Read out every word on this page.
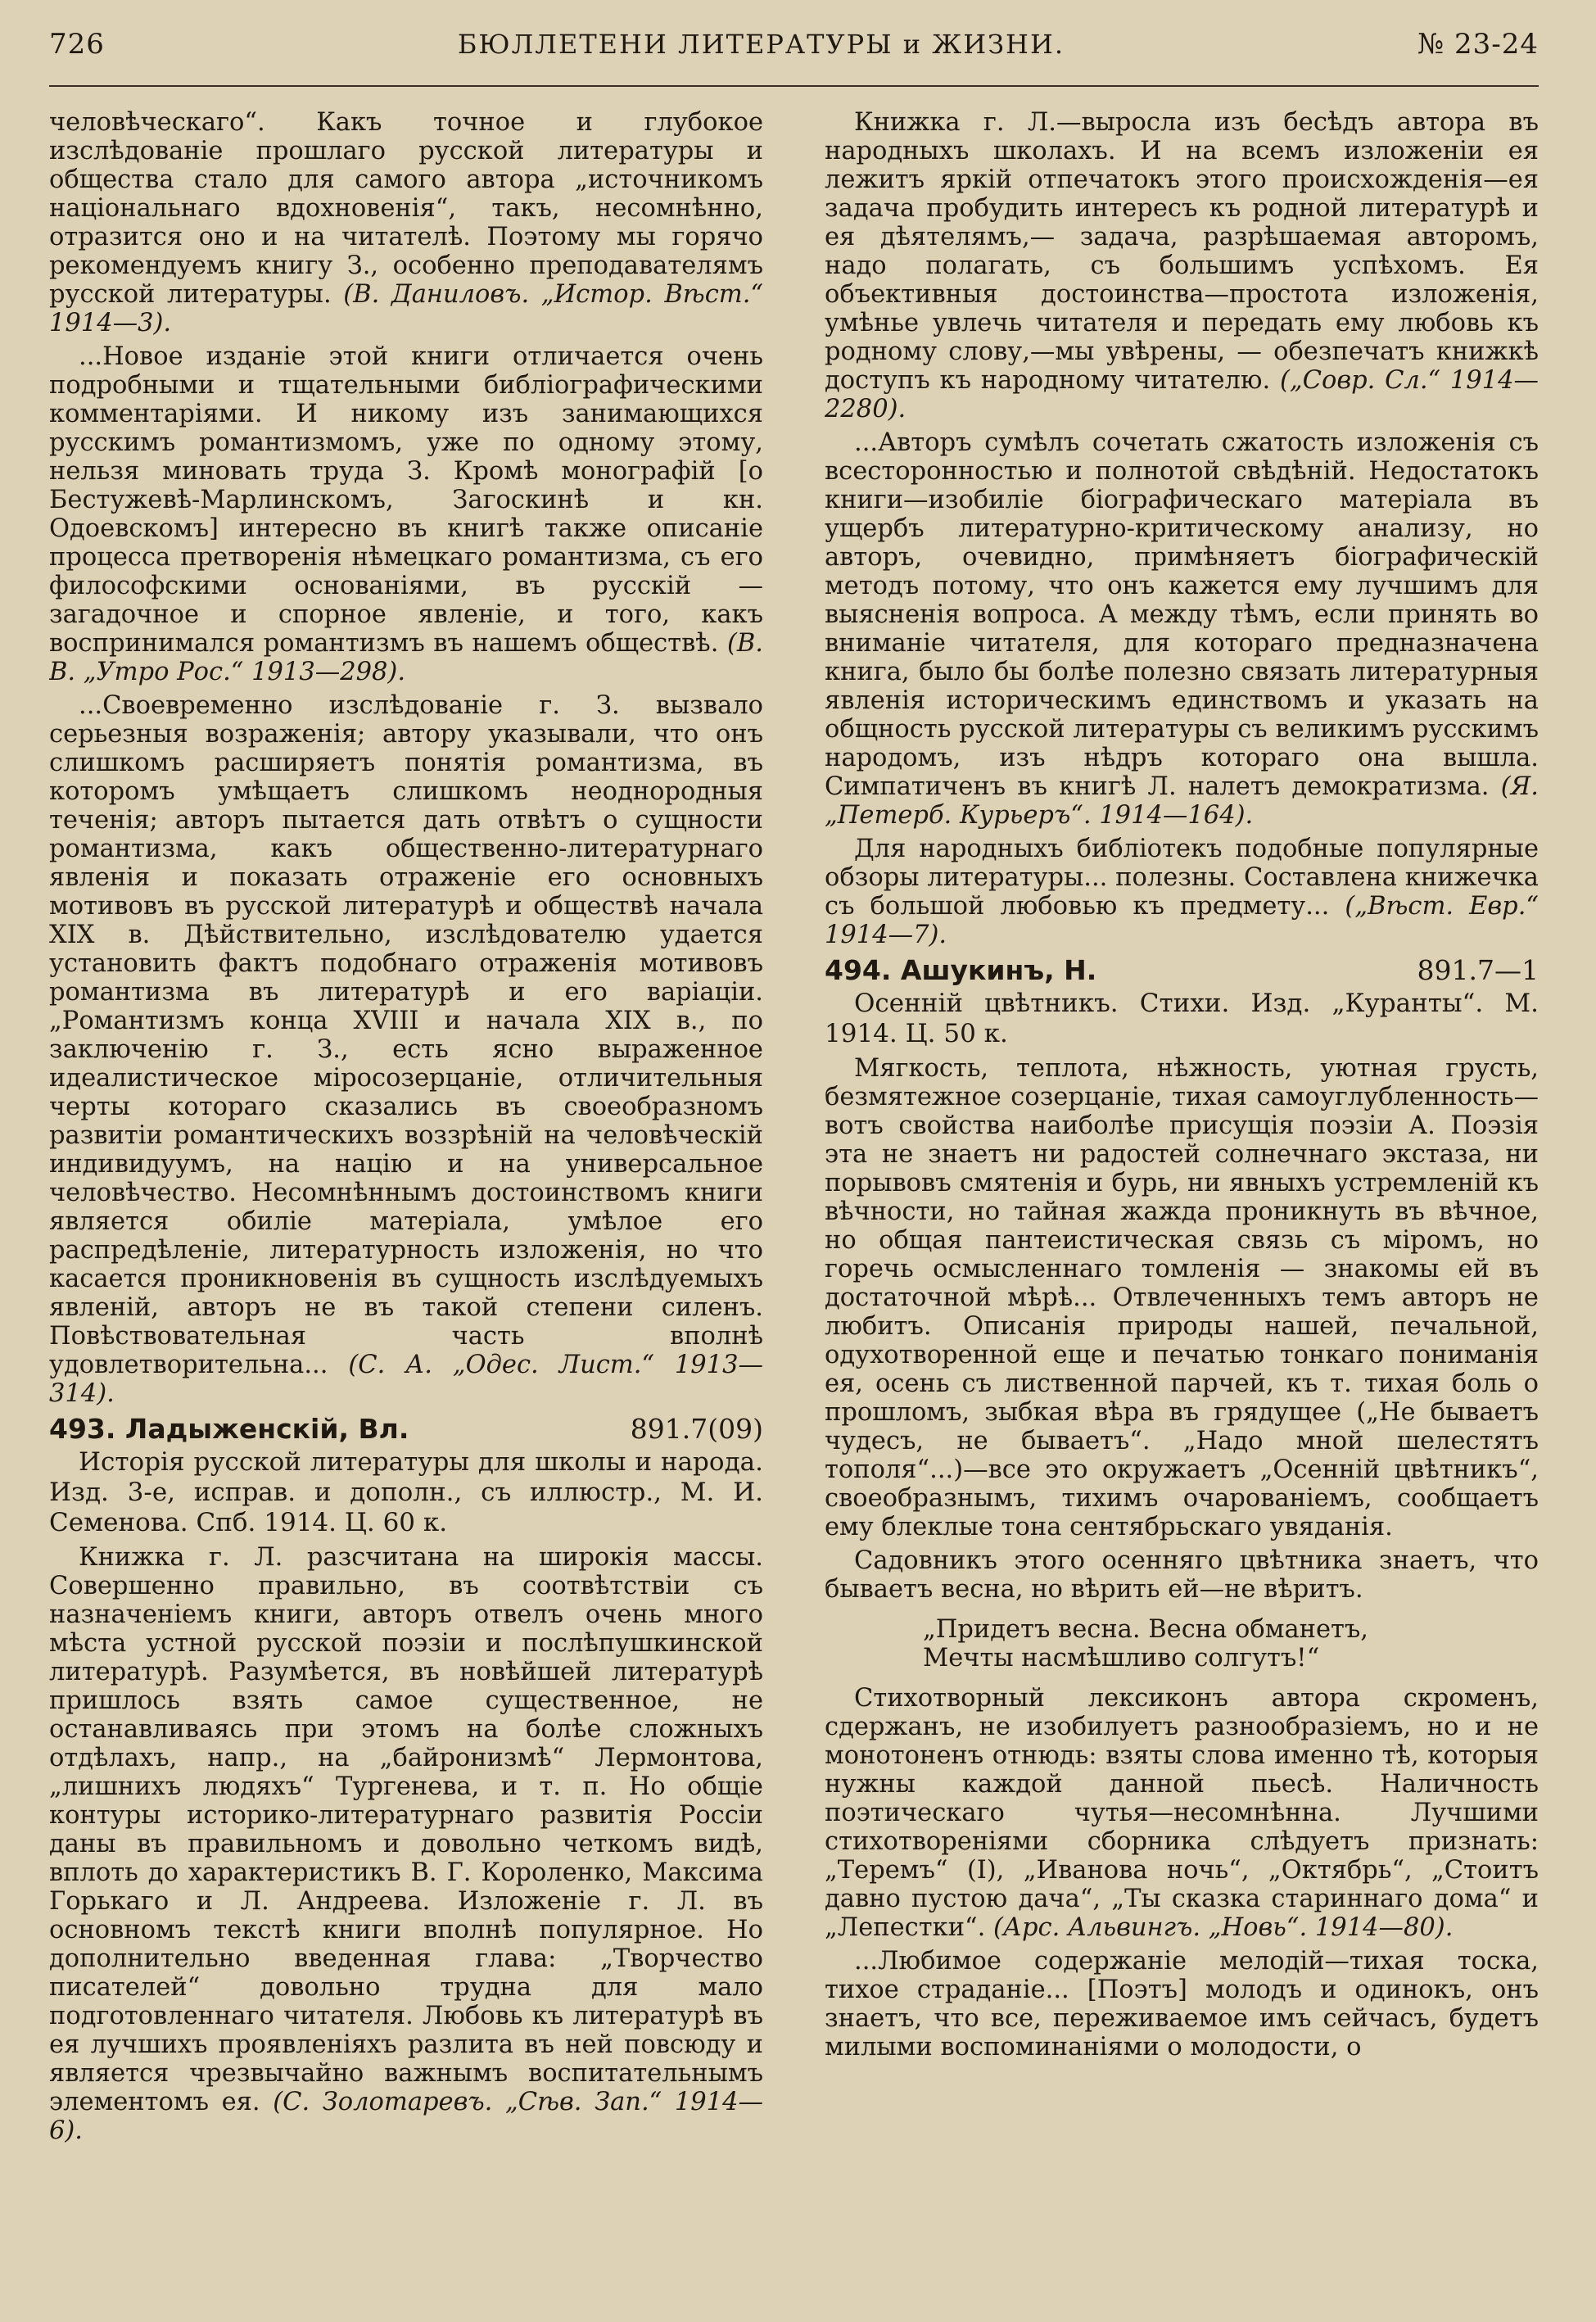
726	БЮЛЛЕТЕНИ ЛИТЕРАТУРЫ и ЖИЗНИ.	№ 23-24

человѣческаго“. Какъ точное и глубокое изслѣдованіе прошлаго русской литературы и общества стало для самого автора „источникомъ національнаго вдохновенія“, такъ, несомнѣнно, отразится оно и на читателѣ. Поэтому мы горячо рекомендуемъ книгу З., особенно преподавателямъ русской литературы. (В. Даниловъ. „Истор. Вѣст.“ 1914—3).

...Новое изданіе этой книги отличается очень подробными и тщательными библіографическими комментаріями. И никому изъ занимающихся русскимъ романтизмомъ, уже по одному этому, нельзя миновать труда З. Кромѣ монографій [о Бестужевѣ-Марлинскомъ, Загоскинѣ и кн. Одоевскомъ] интересно въ книгѣ также описаніе процесса претворенія нѣмецкаго романтизма, съ его философскими основаніями, въ русскій — загадочное и спорное явленіе, и того, какъ воспринимался романтизмъ въ нашемъ обществѣ. (В. В. „Утро Рос.“ 1913—298).

...Своевременно изслѣдованіе г. З. вызвало серьезныя возраженія; автору указывали, что онъ слишкомъ расширяетъ понятія романтизма, въ которомъ умѣщаетъ слишкомъ неоднородныя теченія; авторъ пытается дать отвѣтъ о сущности романтизма, какъ общественно-литературнаго явленія и показать отраженіе его основныхъ мотивовъ въ русской литературѣ и обществѣ начала XIX в. Дѣйствительно, изслѣдователю удается установить фактъ подобнаго отраженія мотивовъ романтизма въ литературѣ и его варіаціи. „Романтизмъ конца XVIII и начала XIX в., по заключенію г. З., есть ясно выраженное идеалистическое міросозерцаніе, отличительныя черты котораго сказались въ своеобразномъ развитіи романтическихъ воззрѣній на человѣческій индивидуумъ, на націю и на универсальное человѣчество. Несомнѣннымъ достоинствомъ книги является обиліе матеріала, умѣлое его распредѣленіе, литературность изложенія, но что касается проникновенія въ сущность изслѣдуемыхъ явленій, авторъ не въ такой степени силенъ. Повѣствовательная часть вполнѣ удовлетворительна... (С. А. „Одес. Лист.“ 1913—314).

493. Ладыженскій, Вл.	891.7(09)

Исторія русской литературы для школы и народа. Изд. 3-е, исправ. и дополн., съ иллюстр., М. И. Семенова. Спб. 1914. Ц. 60 к.

Книжка г. Л. разсчитана на широкія массы. Совершенно правильно, въ соотвѣтствіи съ назначеніемъ книги, авторъ отвелъ очень много мѣста устной русской поэзіи и послѣпушкинской литературѣ. Разумѣется, въ новѣйшей литературѣ пришлось взять самое существенное, не останавливаясь при этомъ на болѣе сложныхъ отдѣлахъ, напр., на „байронизмѣ“ Лермонтова, „лишнихъ людяхъ“ Тургенева, и т. п. Но общіе контуры историко-литературнаго развитія Россіи даны въ правильномъ и довольно четкомъ видѣ, вплоть до характеристикъ В. Г. Короленко, Максима Горькаго и Л. Андреева. Изложеніе г. Л. въ основномъ текстѣ книги вполнѣ популярное. Но дополнительно введенная глава: „Творчество писателей“ довольно трудна для мало подготовленнаго читателя. Любовь къ литературѣ въ ея лучшихъ проявленіяхъ разлита въ ней повсюду и является чрезвычайно важнымъ воспитательнымъ элементомъ ея. (С. Золотаревъ. „Сѣв. Зап.“ 1914—6).

Книжка г. Л.—выросла изъ бесѣдъ автора въ народныхъ школахъ. И на всемъ изложеніи ея лежитъ яркій отпечатокъ этого происхожденія—ея задача пробудить интересъ къ родной литературѣ и ея дѣятелямъ,— задача, разрѣшаемая авторомъ, надо полагать, съ большимъ успѣхомъ. Ея объективныя достоинства—простота изложенія, умѣнье увлечь читателя и передать ему любовь къ родному слову,—мы увѣрены, — обезпечатъ книжкѣ доступъ къ народному читателю. („Совр. Сл.“ 1914—2280).

...Авторъ сумѣлъ сочетать сжатость изложенія съ всесторонностью и полнотой свѣдѣній. Недостатокъ книги—изобиліе біографическаго матеріала въ ущербъ литературно-критическому анализу, но авторъ, очевидно, примѣняетъ біографическій методъ потому, что онъ кажется ему лучшимъ для выясненія вопроса. А между тѣмъ, если принять во вниманіе читателя, для котораго предназначена книга, было бы болѣе полезно связать литературныя явленія историческимъ единствомъ и указать на общность русской литературы съ великимъ русскимъ народомъ, изъ нѣдръ котораго она вышла. Симпатиченъ въ книгѣ Л. налетъ демократизма. (Я. „Петерб. Курьеръ“. 1914—164).

Для народныхъ библіотекъ подобные популярные обзоры литературы... полезны. Составлена книжечка съ большой любовью къ предмету... („Вѣст. Евр.“ 1914—7).

494. Ашукинъ, Н.	891.7—1

Осенній цвѣтникъ. Стихи. Изд. „Куранты“. М. 1914. Ц. 50 к.

Мягкость, теплота, нѣжность, уютная грусть, безмятежное созерцаніе, тихая самоуглубленность—вотъ свойства наиболѣе присущія поэзіи А. Поэзія эта не знаетъ ни радостей солнечнаго экстаза, ни порывовъ смятенія и бурь, ни явныхъ устремленій къ вѣчности, но тайная жажда проникнуть въ вѣчное, но общая пантеистическая связь съ міромъ, но горечь осмысленнаго томленія — знакомы ей въ достаточной мѣрѣ... Отвлеченныхъ темъ авторъ не любитъ. Описанія природы нашей, печальной, одухотворенной еще и печатью тонкаго пониманія ея, осень съ лиственной парчей, къ т. тихая боль о прошломъ, зыбкая вѣра въ грядущее („Не бываетъ чудесъ, не бываетъ“. „Надо мной шелестятъ тополя“...)—все это окружаетъ „Осенній цвѣтникъ“, своеобразнымъ, тихимъ очарованіемъ, сообщаетъ ему блеклые тона сентябрьскаго увяданія.

Садовникъ этого осенняго цвѣтника знаетъ, что бываетъ весна, но вѣрить ей—не вѣритъ.

„Придетъ весна. Весна обманетъ,
Мечты насмѣшливо солгутъ!“

Стихотворный лексиконъ автора скроменъ, сдержанъ, не изобилуетъ разнообразіемъ, но и не монотоненъ отнюдь: взяты слова именно тѣ, которыя нужны каждой данной пьесѣ. Наличность поэтическаго чутья—несомнѣнна. Лучшими стихотвореніями сборника слѣдуетъ признать: „Теремъ“ (I), „Иванова ночь“, „Октябрь“, „Стоитъ давно пустою дача“, „Ты сказка стариннаго дома“ и „Лепестки“. (Арс. Альвингъ. „Новь“. 1914—80).

...Любимое содержаніе мелодій—тихая тоска, тихое страданіе... [Поэтъ] молодъ и одинокъ, онъ знаетъ, что все, переживаемое имъ сейчасъ, будетъ милыми воспоминаніями о молодости, о
